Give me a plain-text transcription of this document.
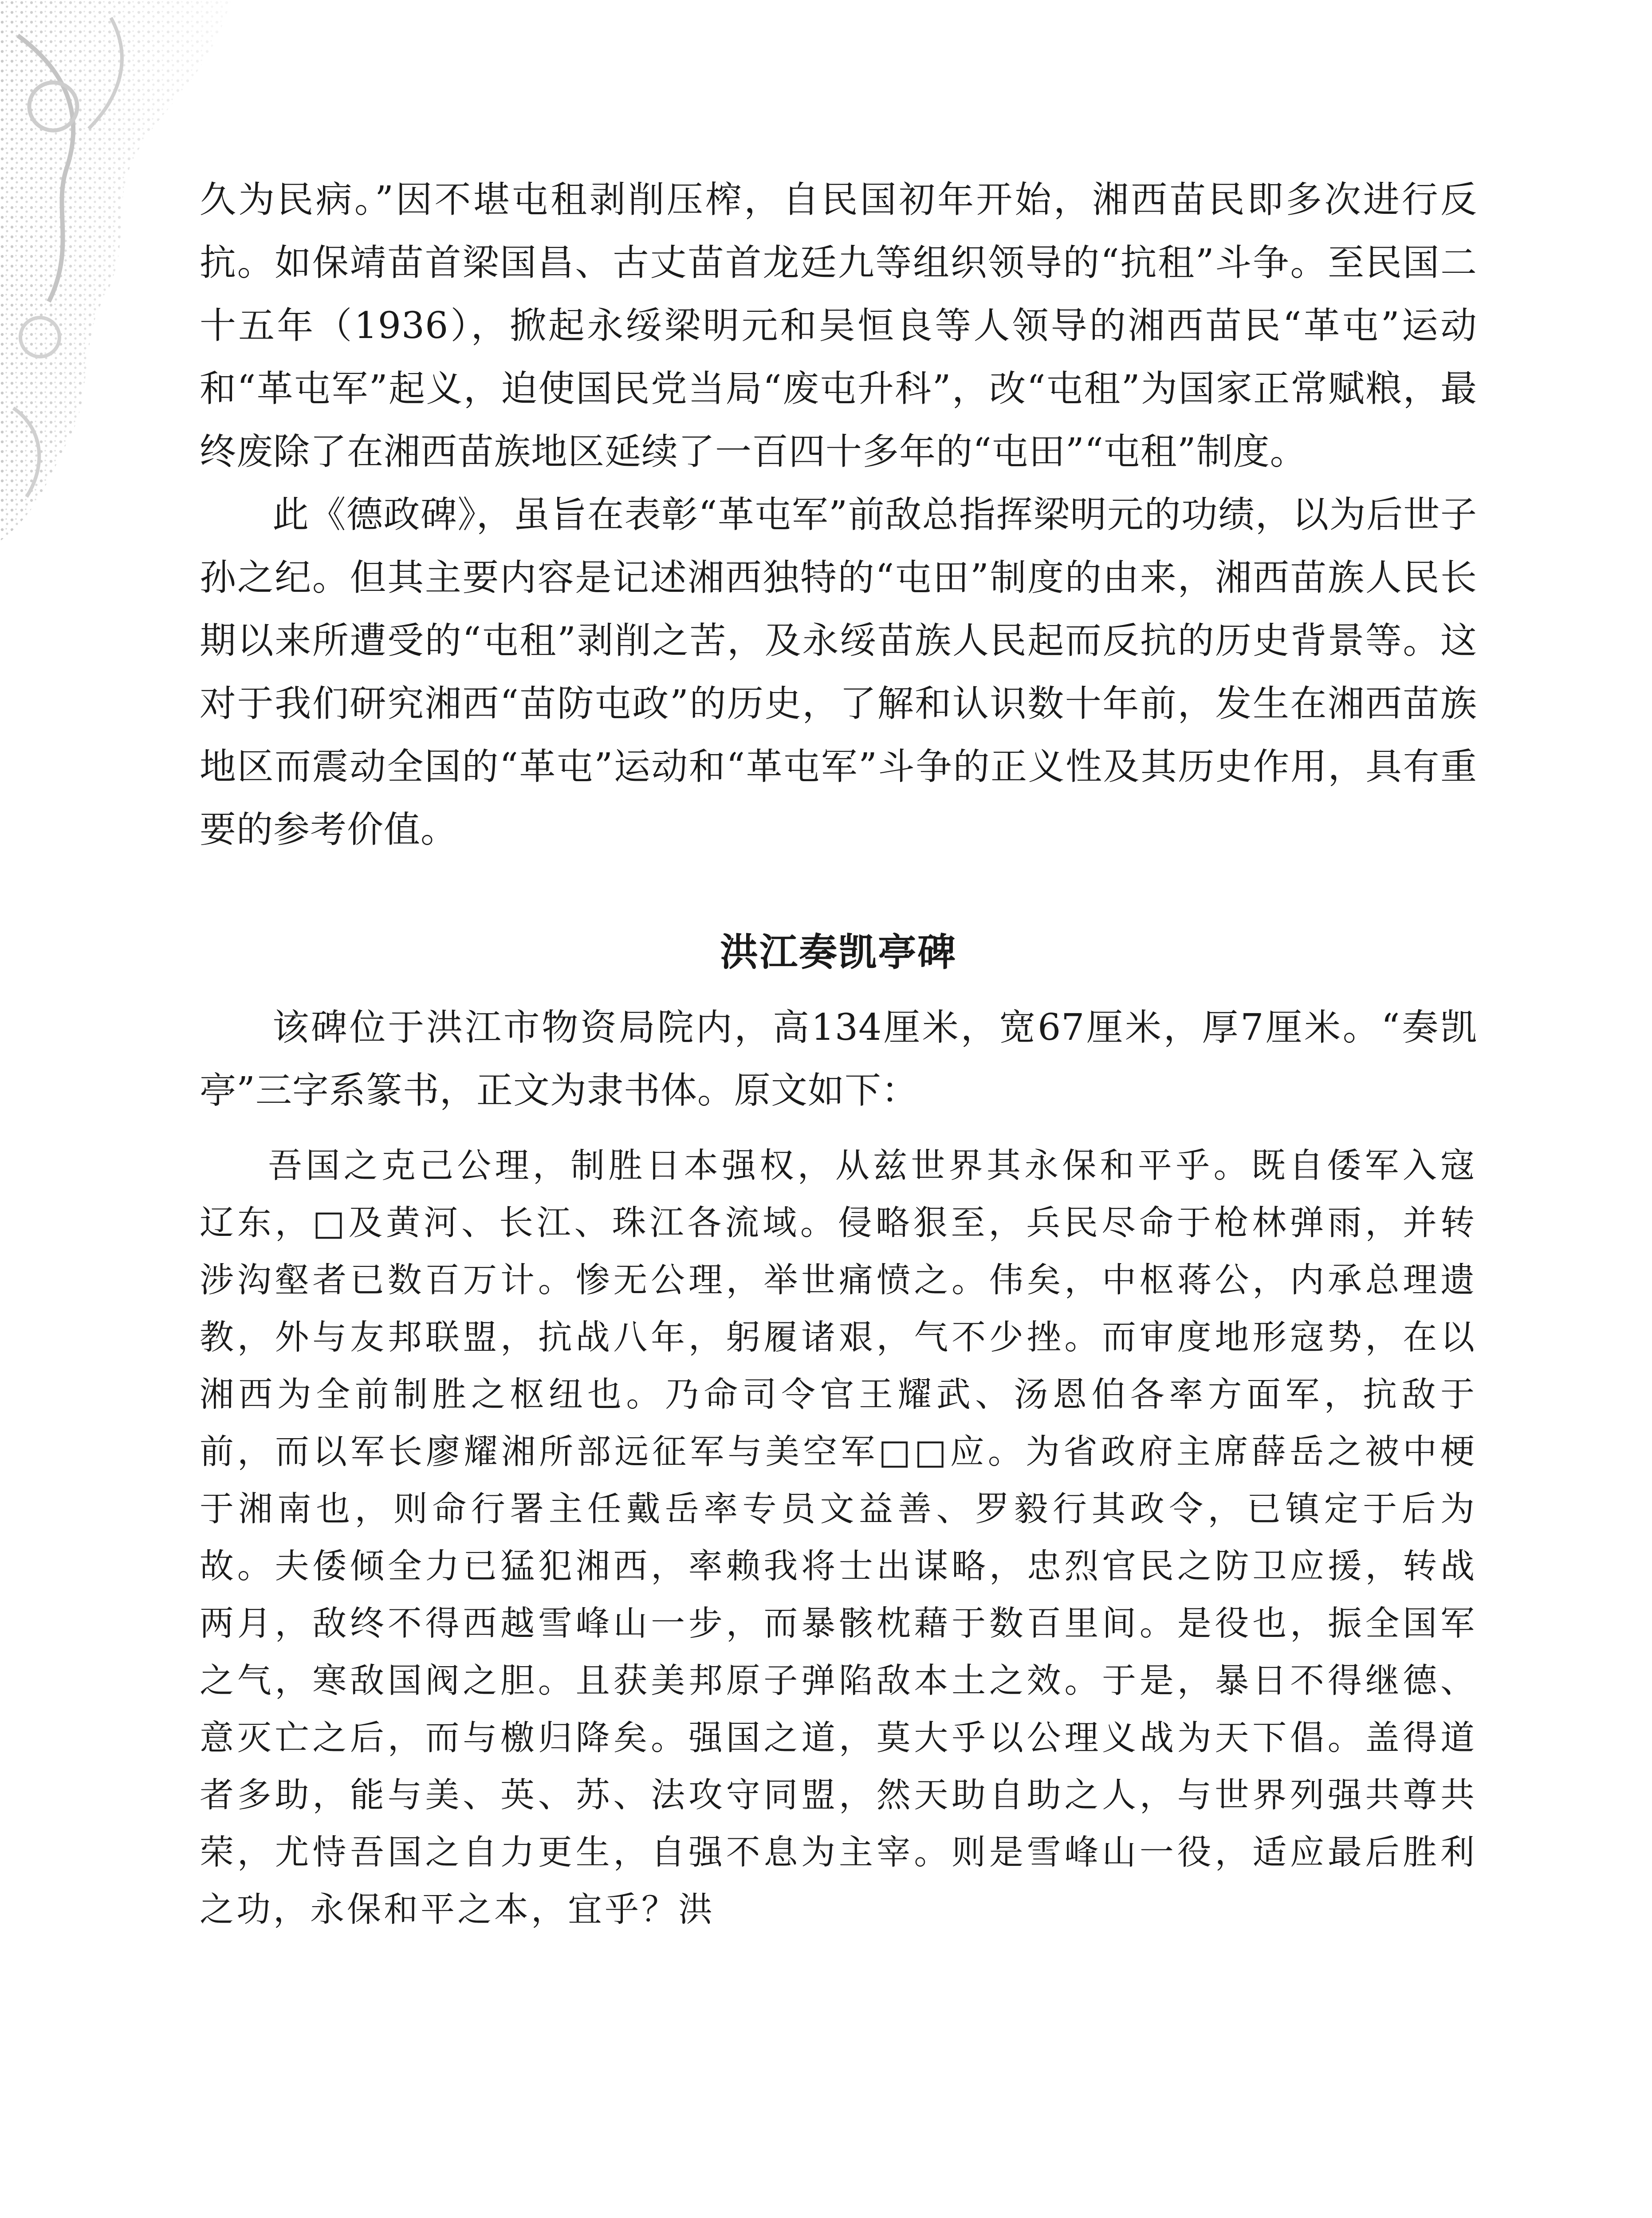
久为民病。”因不堪屯租剥削压榨，自民国初年开始，湘西苗民即多次进行反抗。如保靖苗首梁国昌、古丈苗首龙廷九等组织领导的“抗租”斗争。至民国二十五年（1936），掀起永绥梁明元和吴恒良等人领导的湘西苗民“革屯”运动和“革屯军”起义，迫使国民党当局“废屯升科”，改“屯租”为国家正常赋粮，最终废除了在湘西苗族地区延续了一百四十多年的“屯田”“屯租”制度。

此《德政碑》，虽旨在表彰“革屯军”前敌总指挥梁明元的功绩，以为后世子孙之纪。但其主要内容是记述湘西独特的“屯田”制度的由来，湘西苗族人民长期以来所遭受的“屯租”剥削之苦，及永绥苗族人民起而反抗的历史背景等。这对于我们研究湘西“苗防屯政”的历史，了解和认识数十年前，发生在湘西苗族地区而震动全国的“革屯”运动和“革屯军”斗争的正义性及其历史作用，具有重要的参考价值。

洪江奏凯亭碑

该碑位于洪江市物资局院内，高134厘米，宽67厘米，厚7厘米。“奏凯亭”三字系篆书，正文为隶书体。原文如下：

吾国之克己公理，制胜日本强权，从兹世界其永保和平乎。既自倭军入寇辽东，□及黄河、长江、珠江各流域。侵略狠至，兵民尽命于枪林弹雨，并转涉沟壑者已数百万计。惨无公理，举世痛愤之。伟矣，中枢蒋公，内承总理遗教，外与友邦联盟，抗战八年，躬履诸艰，气不少挫。而审度地形寇势，在以湘西为全前制胜之枢纽也。乃命司令官王耀武、汤恩伯各率方面军，抗敌于前，而以军长廖耀湘所部远征军与美空军□□应。为省政府主席薛岳之被中梗于湘南也，则命行署主任戴岳率专员文益善、罗毅行其政令，已镇定于后为故。夫倭倾全力已猛犯湘西，率赖我将士出谋略，忠烈官民之防卫应援，转战两月，敌终不得西越雪峰山一步，而暴骸枕藉于数百里间。是役也，振全国军之气，寒敌国阀之胆。且获美邦原子弹陷敌本土之效。于是，暴日不得继德、意灭亡之后，而与檄归降矣。强国之道，莫大乎以公理义战为天下倡。盖得道者多助，能与美、英、苏、法攻守同盟，然天助自助之人，与世界列强共尊共荣，尤恃吾国之自力更生，自强不息为主宰。则是雪峰山一役，适应最后胜利之功，永保和平之本，宜乎？洪
